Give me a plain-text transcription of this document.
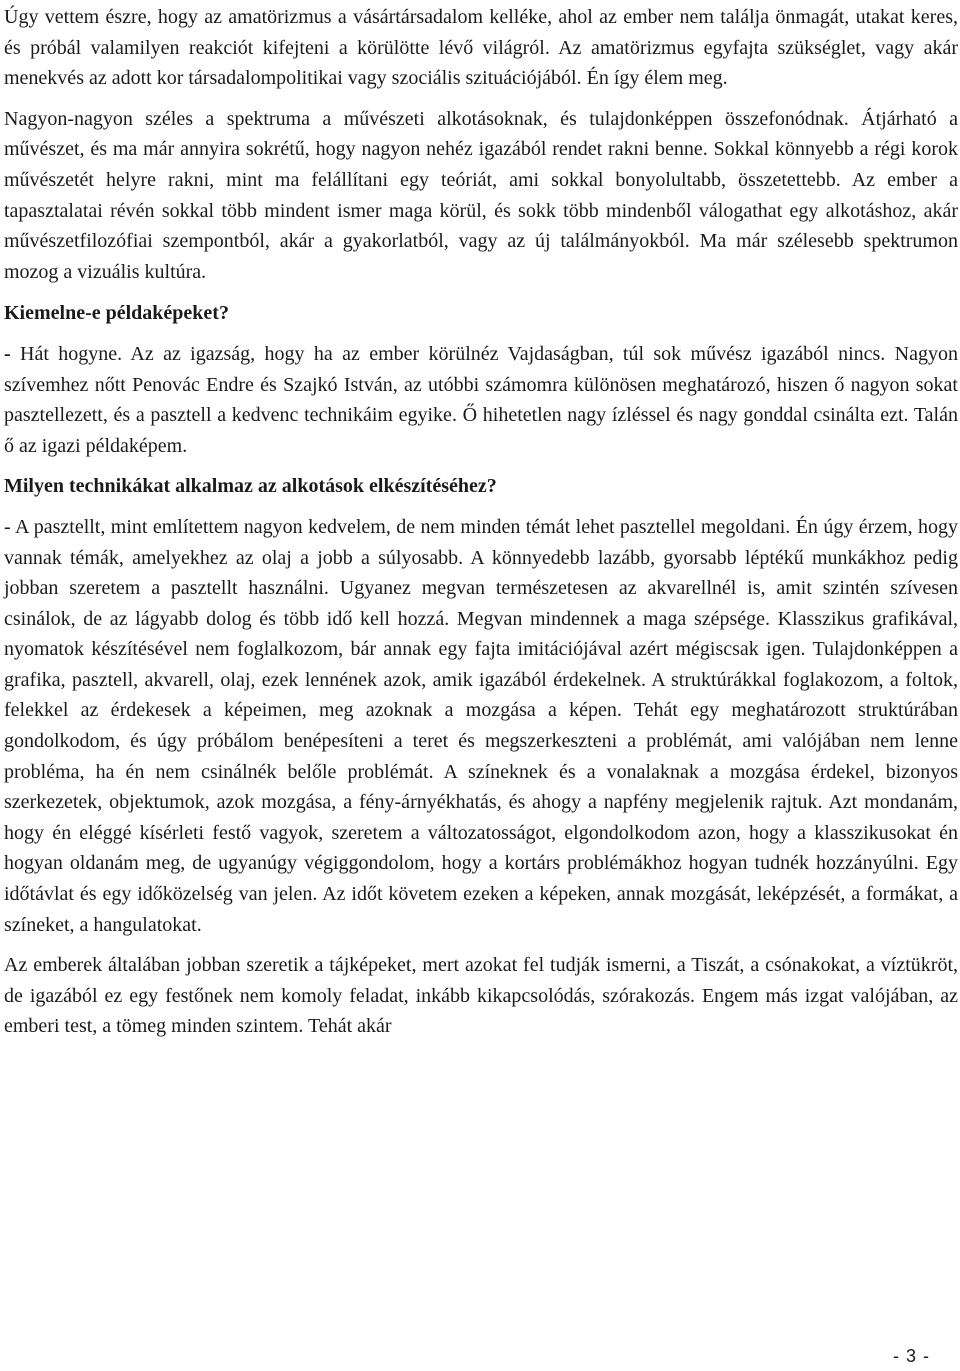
Úgy vettem észre, hogy az amatörizmus a vásártársadalom kelléke, ahol az ember nem találja önmagát, utakat keres, és próbál valamilyen reakciót kifejteni a körülötte lévő világról. Az amatörizmus egyfajta szükséglet, vagy akár menekvés az adott kor társadalompolitikai vagy szociális szituációjából. Én így élem meg.

Nagyon-nagyon széles a spektruma a művészeti alkotásoknak, és tulajdonképpen összefonódnak. Átjárható a művészet, és ma már annyira sokrétű, hogy nagyon nehéz igazából rendet rakni benne. Sokkal könnyebb a régi korok művészetét helyre rakni, mint ma felállítani egy teóriát, ami sokkal bonyolultabb, összetettebb. Az ember a tapasztalatai révén sokkal több mindent ismer maga körül, és sokk több mindenből válogathat egy alkotáshoz, akár művészetfilozófiai szempontból, akár a gyakorlatból, vagy az új találmányokból. Ma már szélesebb spektrumon mozog a vizuális kultúra.

Kiemelne-e példaképeket?

- Hát hogyne. Az az igazság, hogy ha az ember körülnéz Vajdaságban, túl sok művész igazából nincs. Nagyon szívemhez nőtt Penovác Endre és Szajkó István, az utóbbi számomra különösen meghatározó, hiszen ő nagyon sokat pasztellezett, és a pasztell a kedvenc technikáim egyike. Ő hihetetlen nagy ízléssel és nagy gonddal csinálta ezt. Talán ő az igazi példaképem.

Milyen technikákat alkalmaz az alkotások elkészítéséhez?

- A pasztellt, mint említettem nagyon kedvelem, de nem minden témát lehet pasztellel megoldani. Én úgy érzem, hogy vannak témák, amelyekhez az olaj a jobb a súlyosabb. A könnyedebb lazább, gyorsabb léptékű munkákhoz pedig jobban szeretem a pasztellt használni. Ugyanez megvan természetesen az akvarellnél is, amit szintén szívesen csinálok, de az lágyabb dolog és több idő kell hozzá. Megvan mindennek a maga szépsége. Klasszikus grafikával, nyomatok készítésével nem foglalkozom, bár annak egy fajta imitációjával azért mégiscsak igen. Tulajdonképpen a grafika, pasztell, akvarell, olaj, ezek lennének azok, amik igazából érdekelnek. A struktúrákkal foglakozom, a foltok, felekkel az érdekesek a képeimen, meg azoknak a mozgása a képen. Tehát egy meghatározott struktúrában gondolkodom, és úgy próbálom benépesíteni a teret és megszerkeszteni a problémát, ami valójában nem lenne probléma, ha én nem csinálnék belőle problémát. A színeknek és a vonalaknak a mozgása érdekel, bizonyos szerkezetek, objektumok, azok mozgása, a fény-árnyékhatás, és ahogy a napfény megjelenik rajtuk. Azt mondanám, hogy én eléggé kísérleti festő vagyok, szeretem a változatosságot, elgondolkodom azon, hogy a klasszikusokat én hogyan oldanám meg, de ugyanúgy végiggondolom, hogy a kortárs problémákhoz hogyan tudnék hozzányúlni. Egy időtávlat és egy időközelség van jelen. Az időt követem ezeken a képeken, annak mozgását, leképzését, a formákat, a színeket, a hangulatokat.

Az emberek általában jobban szeretik a tájképeket, mert azokat fel tudják ismerni, a Tiszát, a csónakokat, a víztükröt, de igazából ez egy festőnek nem komoly feladat, inkább kikapcsolódás, szórakozás. Engem más izgat valójában, az emberi test, a tömeg minden szintem. Tehát akár

- 3 -
